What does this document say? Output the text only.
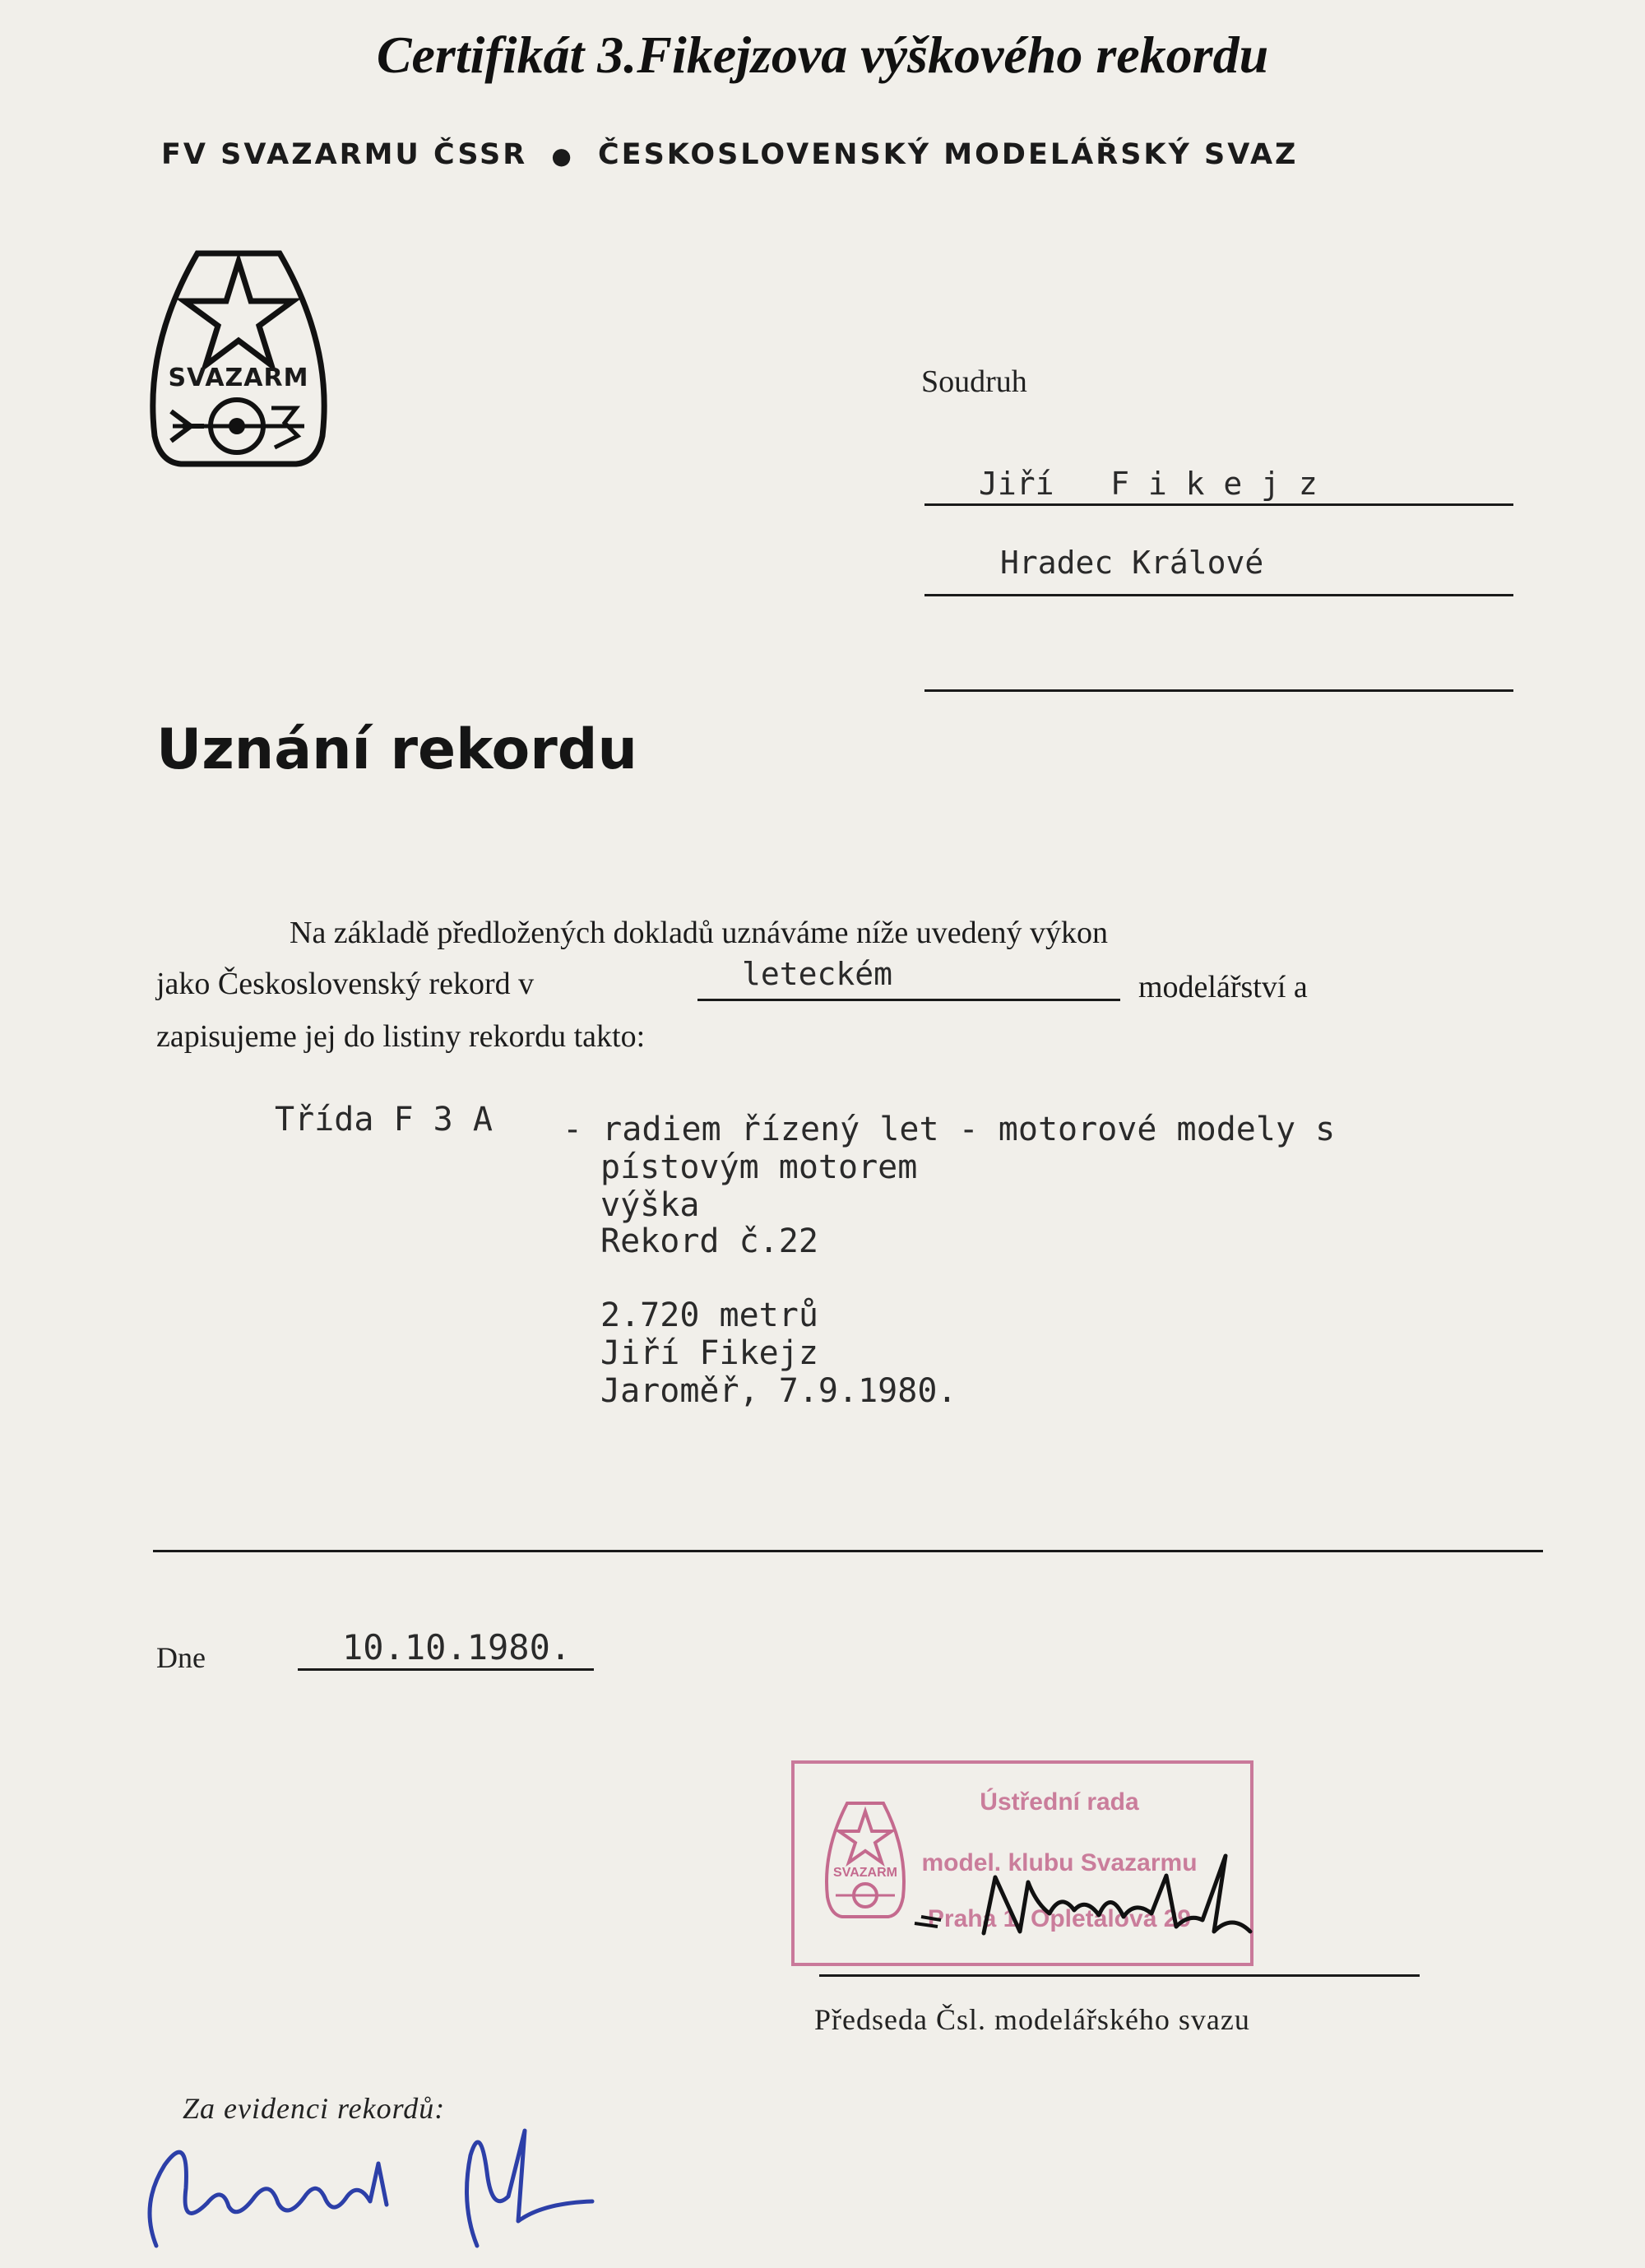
Certifikát 3.Fikejzova výškového rekordu
FV SVAZARMU ČSSR ● ČESKOSLOVENSKÝ MODELÁŘSKÝ SVAZ
SVAZARM	Soudruh
Jiří   F i k e j z
Hradec Králové
Uznání rekordu
Na základě předložených dokladů uznáváme níže uvedený výkon
jako Československý rekord v	leteckém	modelářství a
zapisujeme jej do listiny rekordu takto:
Třída F 3 A - radiem řízený let - motorové modely s
pístovým motorem
výška
Rekord č.22
2.720 metrů
Jiří Fikejz
Jaroměř, 7.9.1980.
Dne	10.10.1980.
SVAZARM
Ústřední rada
model. klubu Svazarmu
Praha 1, Opletalova 29
Předseda Čsl. modelářského svazu
Za evidenci rekordů:
